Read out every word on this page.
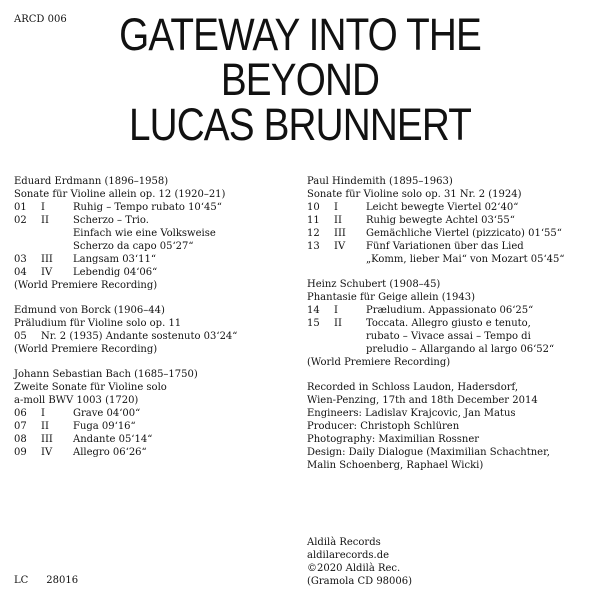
ARCD 006	GATEWAY INTO THE
BEYOND
LUCAS BRUNNERT
Eduard Erdmann (1896–1958)
Sonate für Violine allein op. 12 (1920–21)
01 I	Ruhig – Tempo rubato 10‘45“
02 II Scherzo – Trio.
Einfach wie eine Volksweise
Scherzo da capo 05‘27“
03 III Langsam 03‘11“
04 IV Lebendig 04‘06“
(World Premiere Recording)
Edmund von Borck (1906–44)
Präludium für Violine solo op. 11
05 Nr. 2 (1935) Andante sostenuto 03‘24“
(World Premiere Recording)
Johann Sebastian Bach (1685–1750)
Zweite Sonate für Violine solo
a-moll BWV 1003 (1720)
06 I	Grave 04‘00“
07 II Fuga 09‘16“
08 III Andante 05‘14“
09 IV Allegro 06‘26“
Paul Hindemith (1895–1963)
Sonate für Violine solo op. 31 Nr. 2 (1924)
10 I	Leicht bewegte Viertel 02‘40“
11 II Ruhig bewegte Achtel 03‘55“
12 III Gemächliche Viertel (pizzicato) 01‘55“
13 IV Fünf Variationen über das Lied
„Komm, lieber Mai“ von Mozart 05‘45“
Heinz Schubert (1908–45)
Phantasie für Geige allein (1943)
14 I	Præludium. Appassionato 06‘25“
15 II Toccata. Allegro giusto e tenuto,
rubato – Vivace assai – Tempo di
preludio – Allargando al largo 06‘52“
(World Premiere Recording)
Recorded in Schloss Laudon, Hadersdorf,
Wien-Penzing, 17th and 18th December 2014
Engineers: Ladislav Krajcovic, Jan Matus
Producer: Christoph Schlüren
Photography: Maximilian Rossner
Design: Daily Dialogue (Maximilian Schachtner,
Malin Schoenberg, Raphael Wicki)
Aldilà Records
aldilarecords.de
©2020 Aldilà Rec.
(Gramola CD 98006)
LC 28016
